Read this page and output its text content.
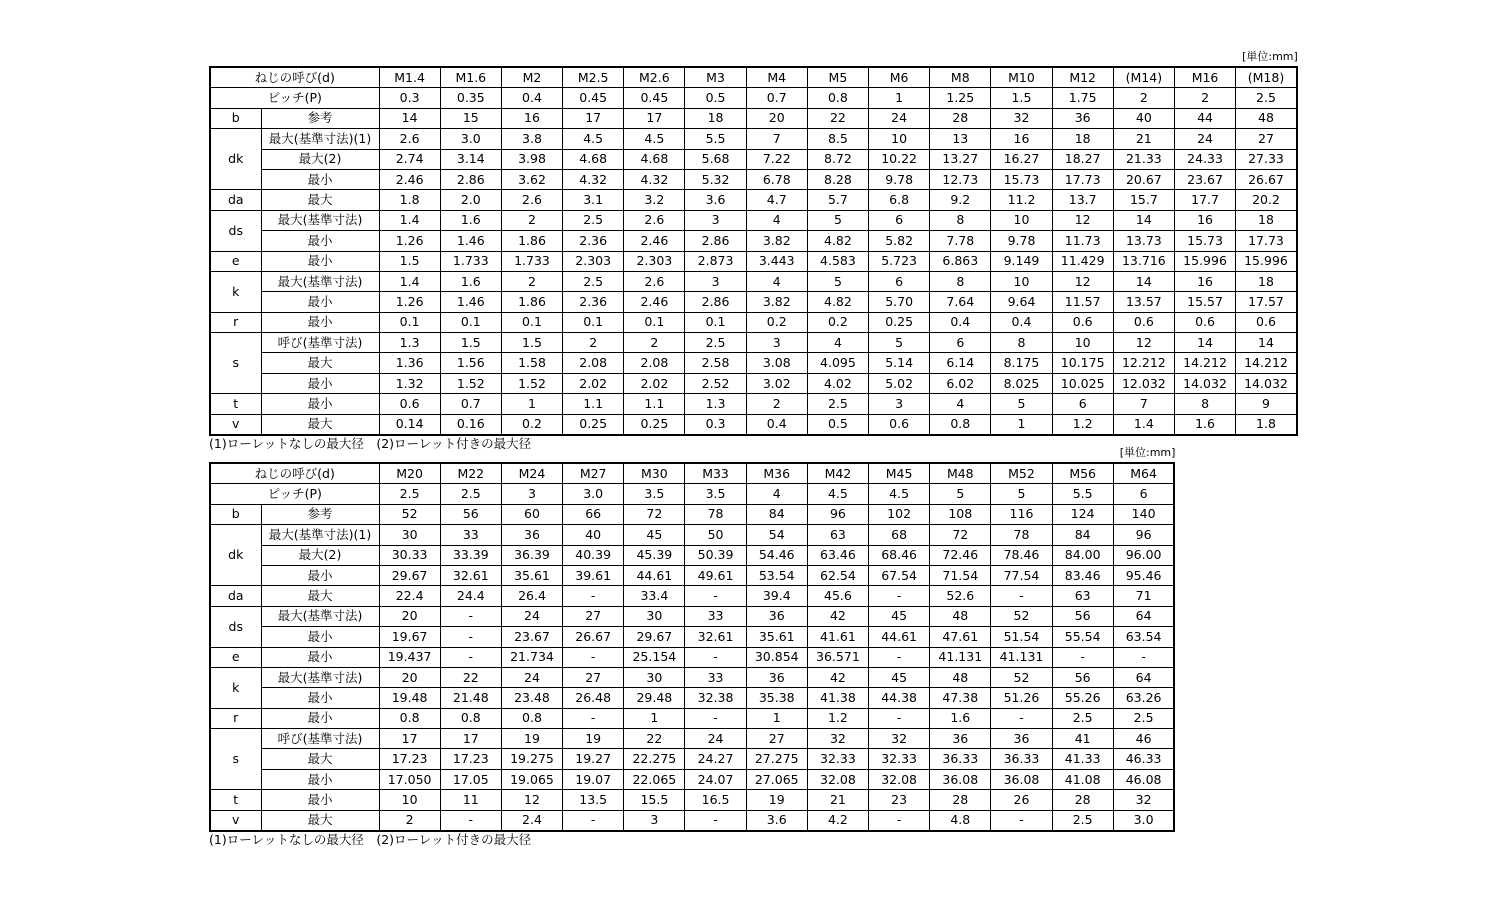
[単位:mm]
ねじの呼び(d)		M1.4	M1.6	M2	M2.5	M2.6	M3	M4	M5	M6	M8	M10	M12	(M14)	M16	(M18)
ピッチ(P)		0.3	0.35	0.4	0.45	0.45	0.5	0.7	0.8	1	1.25	1.5	1.75	2	2	2.5
b	参考	14	15	16	17	17	18	20	22	24	28	32	36	40	44	48
dk	最大(基準寸法)(1)	2.6	3.0	3.8	4.5	4.5	5.5	7	8.5	10	13	16	18	21	24	27
	最大(2)	2.74	3.14	3.98	4.68	4.68	5.68	7.22	8.72	10.22	13.27	16.27	18.27	21.33	24.33	27.33
	最小	2.46	2.86	3.62	4.32	4.32	5.32	6.78	8.28	9.78	12.73	15.73	17.73	20.67	23.67	26.67
da	最大	1.8	2.0	2.6	3.1	3.2	3.6	4.7	5.7	6.8	9.2	11.2	13.7	15.7	17.7	20.2
ds	最大(基準寸法)	1.4	1.6	2	2.5	2.6	3	4	5	6	8	10	12	14	16	18
	最小	1.26	1.46	1.86	2.36	2.46	2.86	3.82	4.82	5.82	7.78	9.78	11.73	13.73	15.73	17.73
e	最小	1.5	1.733	1.733	2.303	2.303	2.873	3.443	4.583	5.723	6.863	9.149	11.429	13.716	15.996	15.996
k	最大(基準寸法)	1.4	1.6	2	2.5	2.6	3	4	5	6	8	10	12	14	16	18
	最小	1.26	1.46	1.86	2.36	2.46	2.86	3.82	4.82	5.70	7.64	9.64	11.57	13.57	15.57	17.57
r	最小	0.1	0.1	0.1	0.1	0.1	0.1	0.2	0.2	0.25	0.4	0.4	0.6	0.6	0.6	0.6
s	呼び(基準寸法)	1.3	1.5	1.5	2	2	2.5	3	4	5	6	8	10	12	14	14
	最大	1.36	1.56	1.58	2.08	2.08	2.58	3.08	4.095	5.14	6.14	8.175	10.175	12.212	14.212	14.212
	最小	1.32	1.52	1.52	2.02	2.02	2.52	3.02	4.02	5.02	6.02	8.025	10.025	12.032	14.032	14.032
t	最小	0.6	0.7	1	1.1	1.1	1.3	2	2.5	3	4	5	6	7	8	9
v	最大	0.14	0.16	0.2	0.25	0.25	0.3	0.4	0.5	0.6	0.8	1	1.2	1.4	1.6	1.8
(1)ローレットなしの最大径　(2)ローレット付きの最大径
[単位:mm]
ねじの呼び(d)		M20	M22	M24	M27	M30	M33	M36	M42	M45	M48	M52	M56	M64
ピッチ(P)		2.5	2.5	3	3.0	3.5	3.5	4	4.5	4.5	5	5	5.5	6
b	参考	52	56	60	66	72	78	84	96	102	108	116	124	140
dk	最大(基準寸法)(1)	30	33	36	40	45	50	54	63	68	72	78	84	96
	最大(2)	30.33	33.39	36.39	40.39	45.39	50.39	54.46	63.46	68.46	72.46	78.46	84.00	96.00
	最小	29.67	32.61	35.61	39.61	44.61	49.61	53.54	62.54	67.54	71.54	77.54	83.46	95.46
da	最大	22.4	24.4	26.4	-	33.4	-	39.4	45.6	-	52.6	-	63	71
ds	最大(基準寸法)	20	-	24	27	30	33	36	42	45	48	52	56	64
	最小	19.67	-	23.67	26.67	29.67	32.61	35.61	41.61	44.61	47.61	51.54	55.54	63.54
e	最小	19.437	-	21.734	-	25.154	-	30.854	36.571	-	41.131	41.131	-	-
k	最大(基準寸法)	20	22	24	27	30	33	36	42	45	48	52	56	64
	最小	19.48	21.48	23.48	26.48	29.48	32.38	35.38	41.38	44.38	47.38	51.26	55.26	63.26
r	最小	0.8	0.8	0.8	-	1	-	1	1.2	-	1.6	-	2.5	2.5
s	呼び(基準寸法)	17	17	19	19	22	24	27	32	32	36	36	41	46
	最大	17.23	17.23	19.275	19.27	22.275	24.27	27.275	32.33	32.33	36.33	36.33	41.33	46.33
	最小	17.050	17.05	19.065	19.07	22.065	24.07	27.065	32.08	32.08	36.08	36.08	41.08	46.08
t	最小	10	11	12	13.5	15.5	16.5	19	21	23	28	26	28	32
v	最大	2	-	2.4	-	3	-	3.6	4.2	-	4.8	-	2.5	3.0
(1)ローレットなしの最大径　(2)ローレット付きの最大径
